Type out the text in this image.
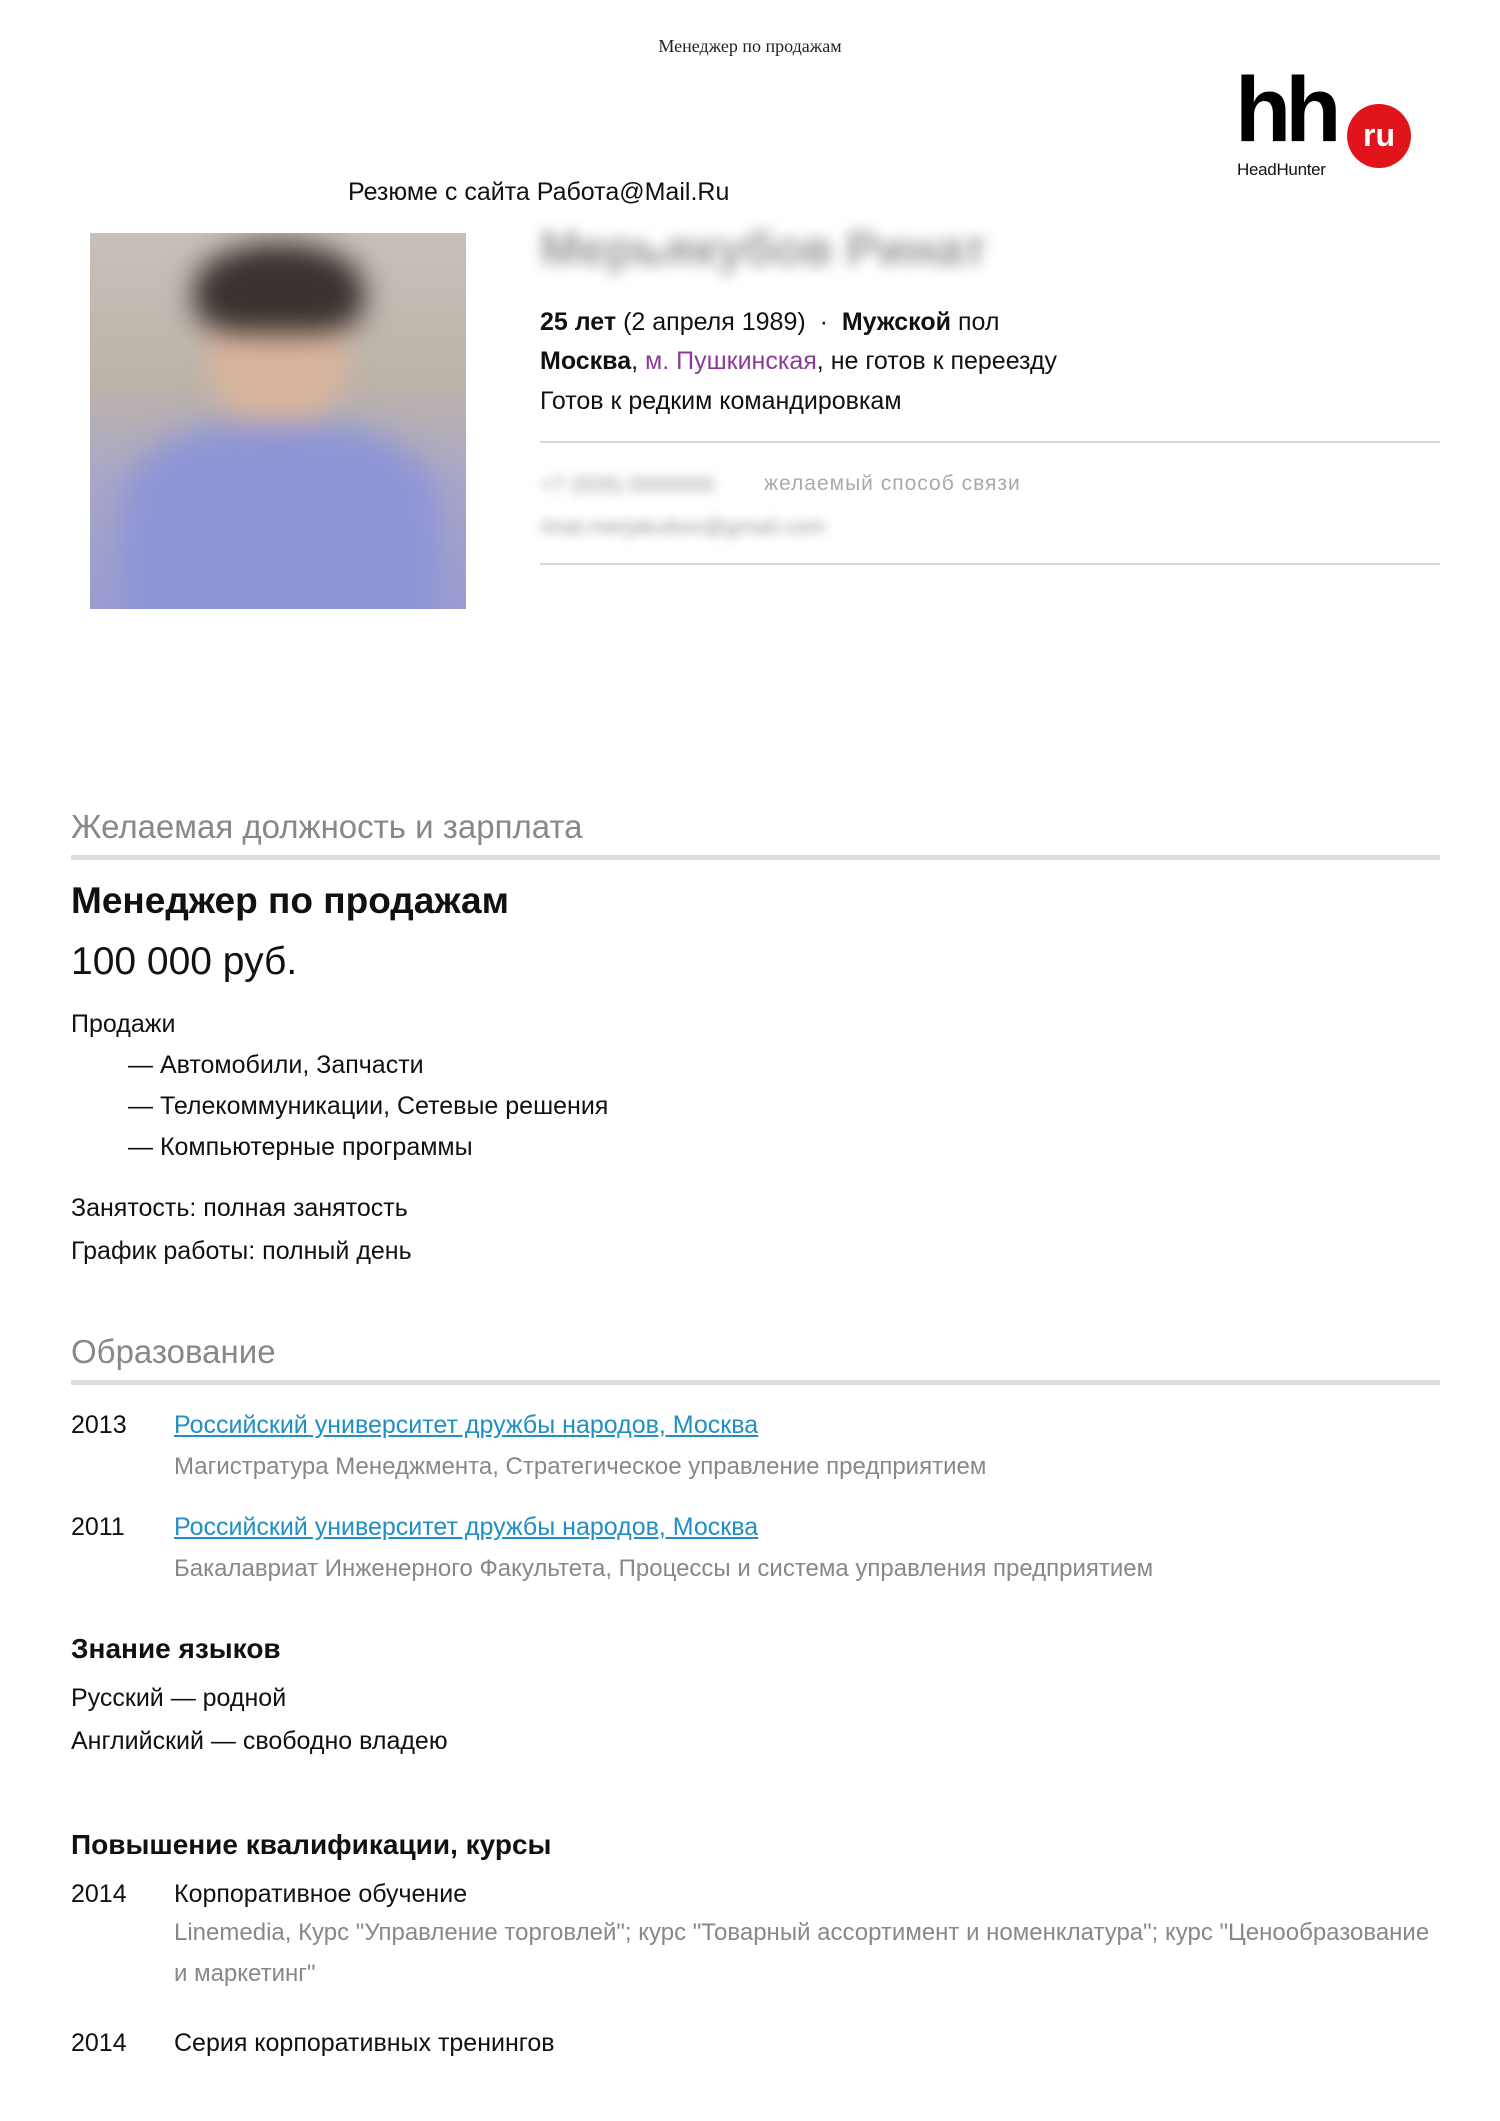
Менеджер по продажам
hh ru
HeadHunter
Резюме с сайта Работа@Mail.Ru
Мерьякубов Ринат
25 лет (2 апреля 1989) · Мужской пол
Москва, м. Пушкинская, не готов к переезду
Готов к редким командировкам
+7 (926) 0000000 желаемый способ связи
rinat.merjakubov@gmail.com
Желаемая должность и зарплата
Менеджер по продажам
100 000 руб.
Продажи
— Автомобили, Запчасти
— Телекоммуникации, Сетевые решения
— Компьютерные программы
Занятость: полная занятость
График работы: полный день
Образование
2013 Российский университет дружбы народов, Москва
Магистратура Менеджмента, Стратегическое управление предприятием
2011 Российский университет дружбы народов, Москва
Бакалавриат Инженерного Факультета, Процессы и система управления предприятием
Знание языков
Русский — родной
Английский — свободно владею
Повышение квалификации, курсы
2014 Корпоративное обучение
Linemedia, Курс "Управление торговлей"; курс "Товарный ассортимент и номенклатура"; курс "Ценообразование и маркетинг"
2014 Серия корпоративных тренингов
